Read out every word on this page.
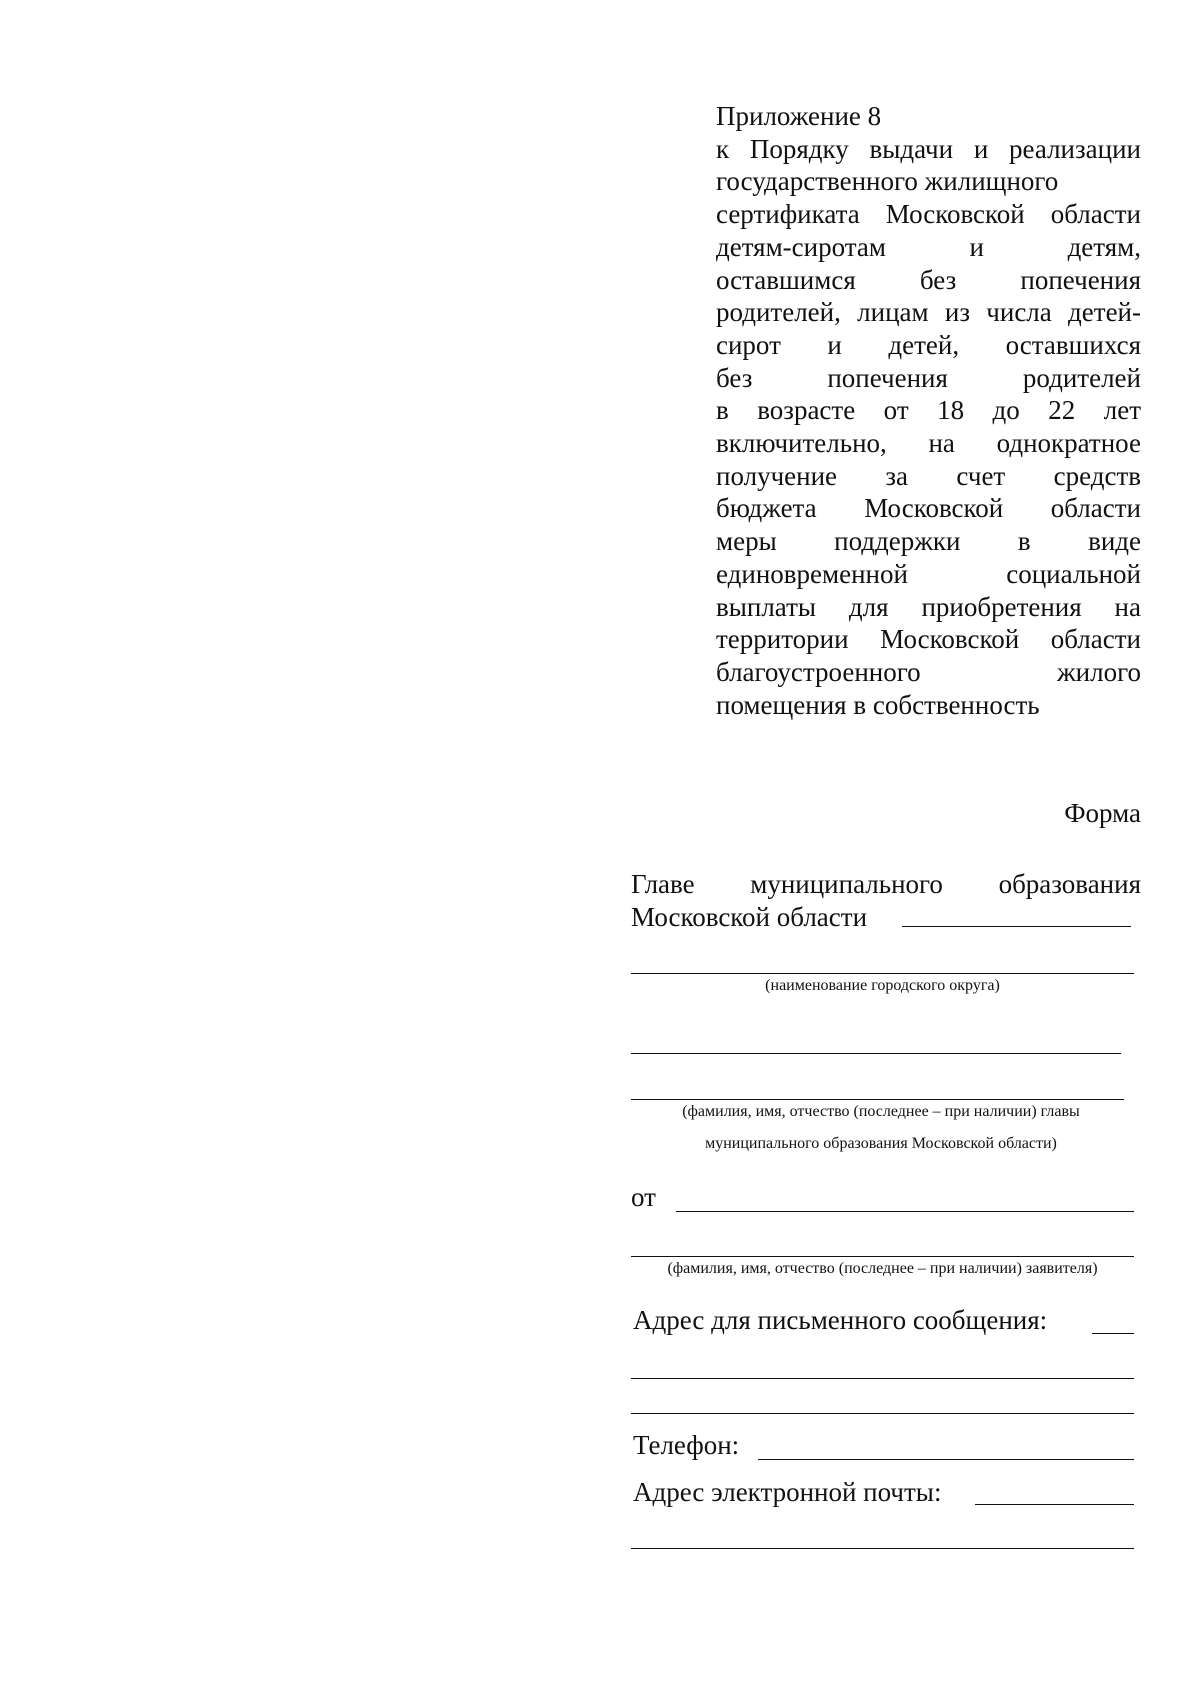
Приложение 8
к Порядку выдачи и реализации
государственного жилищного
сертификата Московской области
детям-сиротам и детям,
оставшимся без попечения
родителей, лицам из числа детей-
сирот и детей, оставшихся
без попечения родителей
в возрасте от 18 до 22 лет
включительно, на однократное
получение за счет средств
бюджета Московской области
меры поддержки в виде
единовременной социальной
выплаты для приобретения на
территории Московской области
благоустроенного жилого
помещения в собственность
Форма
Главе муниципального образования
Московской области
(наименование городского округа)
(фамилия, имя, отчество (последнее – при наличии) главы
муниципального образования Московской области)
от
(фамилия, имя, отчество (последнее – при наличии) заявителя)
Адрес для письменного сообщения:
Телефон:
Адрес электронной почты:
